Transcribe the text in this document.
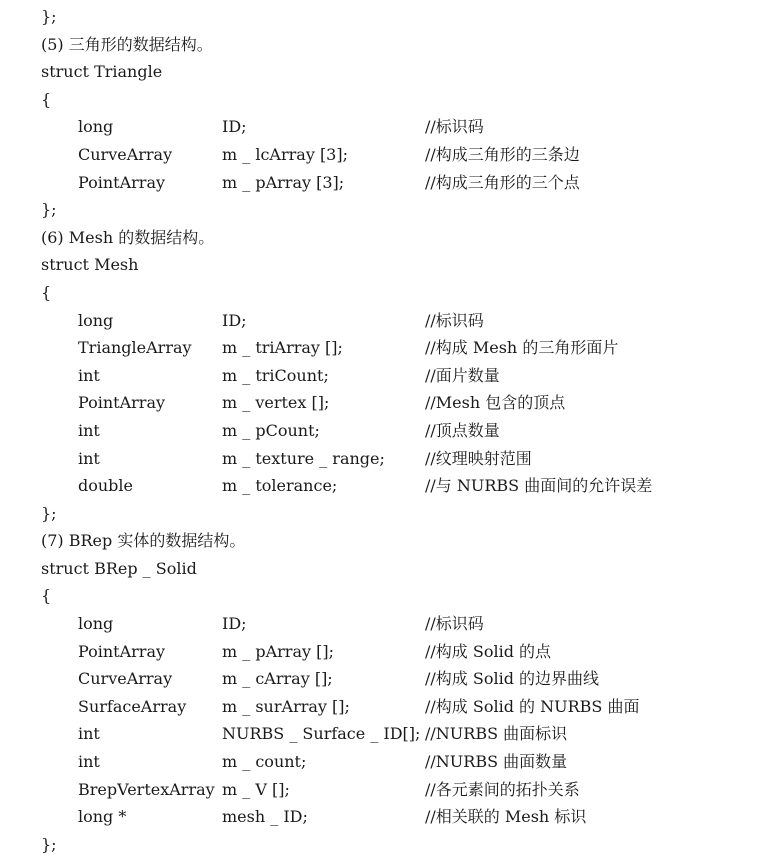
};
(5) 三角形的数据结构。
struct Triangle
{
long	ID;	//标识码
CurveArray	m _ lcArray [3];	//构成三角形的三条边
PointArray	m _ pArray [3];	//构成三角形的三个点
};
(6) Mesh 的数据结构。
struct Mesh
{
long	ID;	//标识码
TriangleArray m _ triArray [];	//构成 Mesh 的三角形面片
int	m _ triCount;	//面片数量
PointArray	m _ vertex [];	//Mesh 包含的顶点
int	m _ pCount;	//顶点数量
int	m _ texture _ range;	//纹理映射范围
double	m _ tolerance;	//与 NURBS 曲面间的允许误差
};
(7) BRep 实体的数据结构。
struct BRep _ Solid
{
long	ID;	//标识码
PointArray	m _ pArray [];	//构成 Solid 的点
CurveArray	m _ cArray [];	//构成 Solid 的边界曲线
SurfaceArray m _ surArray [];	//构成 Solid 的 NURBS 曲面
int	NURBS _ Surface _ ID[]; //NURBS 曲面标识
int	m _ count;	//NURBS 曲面数量
BrepVertexArray m _ V [];	//各元素间的拓扑关系
long *	mesh _ ID;	//相关联的 Mesh 标识
};
